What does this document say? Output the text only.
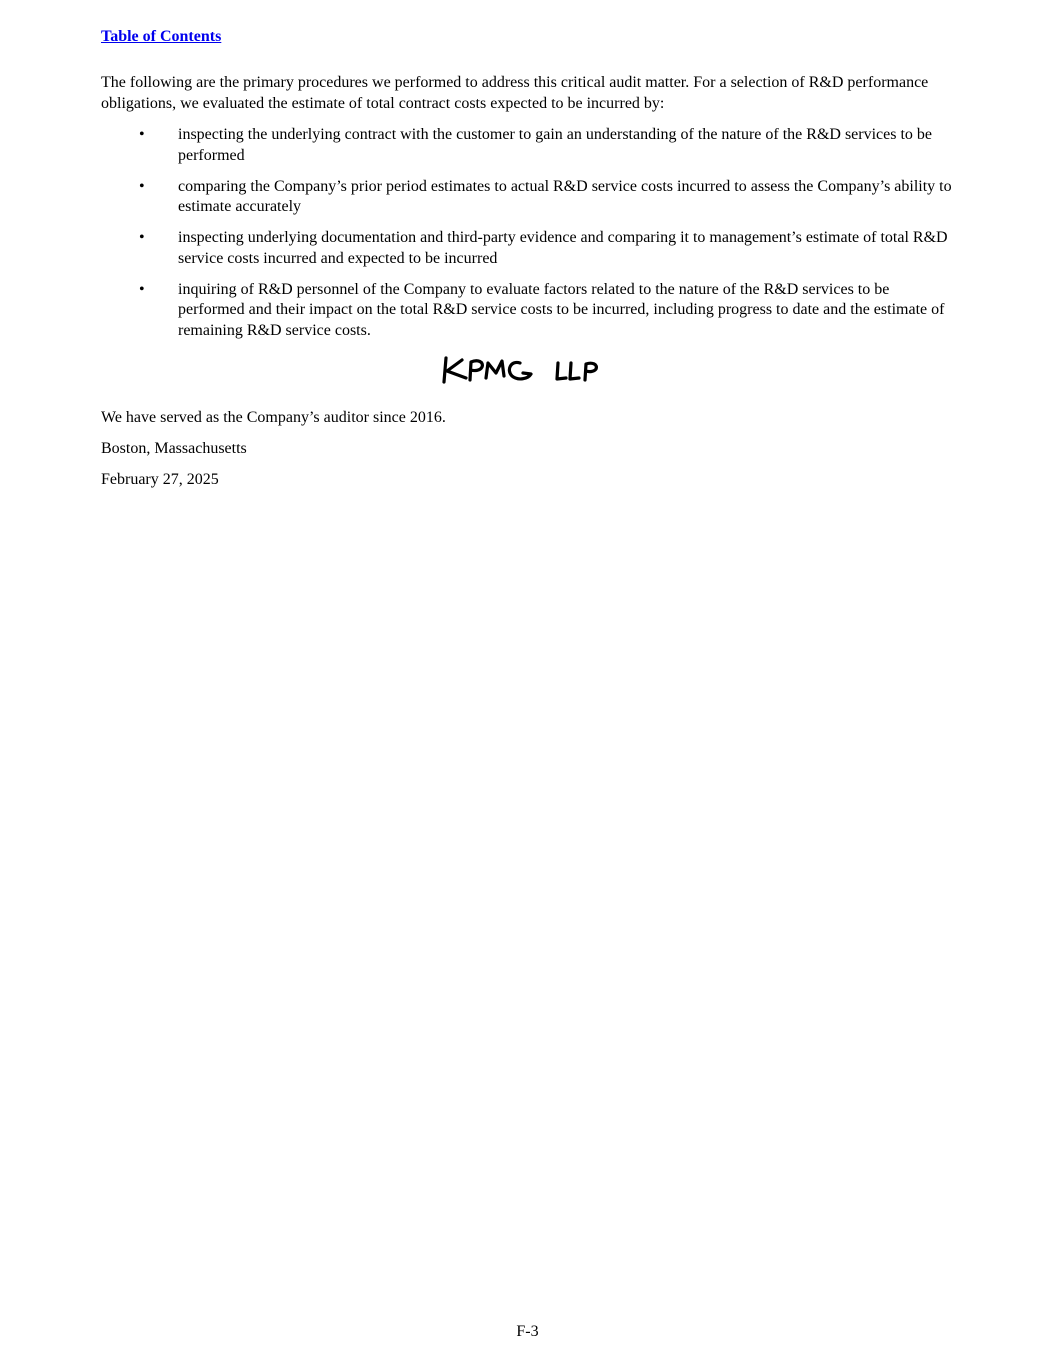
Table of Contents

The following are the primary procedures we performed to address this critical audit matter. For a selection of R&D performance obligations, we evaluated the estimate of total contract costs expected to be incurred by:

• inspecting the underlying contract with the customer to gain an understanding of the nature of the R&D services to be performed
• comparing the Company’s prior period estimates to actual R&D service costs incurred to assess the Company’s ability to estimate accurately
• inspecting underlying documentation and third-party evidence and comparing it to management’s estimate of total R&D service costs incurred and expected to be incurred
• inquiring of R&D personnel of the Company to evaluate factors related to the nature of the R&D services to be performed and their impact on the total R&D service costs to be incurred, including progress to date and the estimate of remaining R&D service costs.

We have served as the Company’s auditor since 2016.

Boston, Massachusetts

February 27, 2025

F-3
